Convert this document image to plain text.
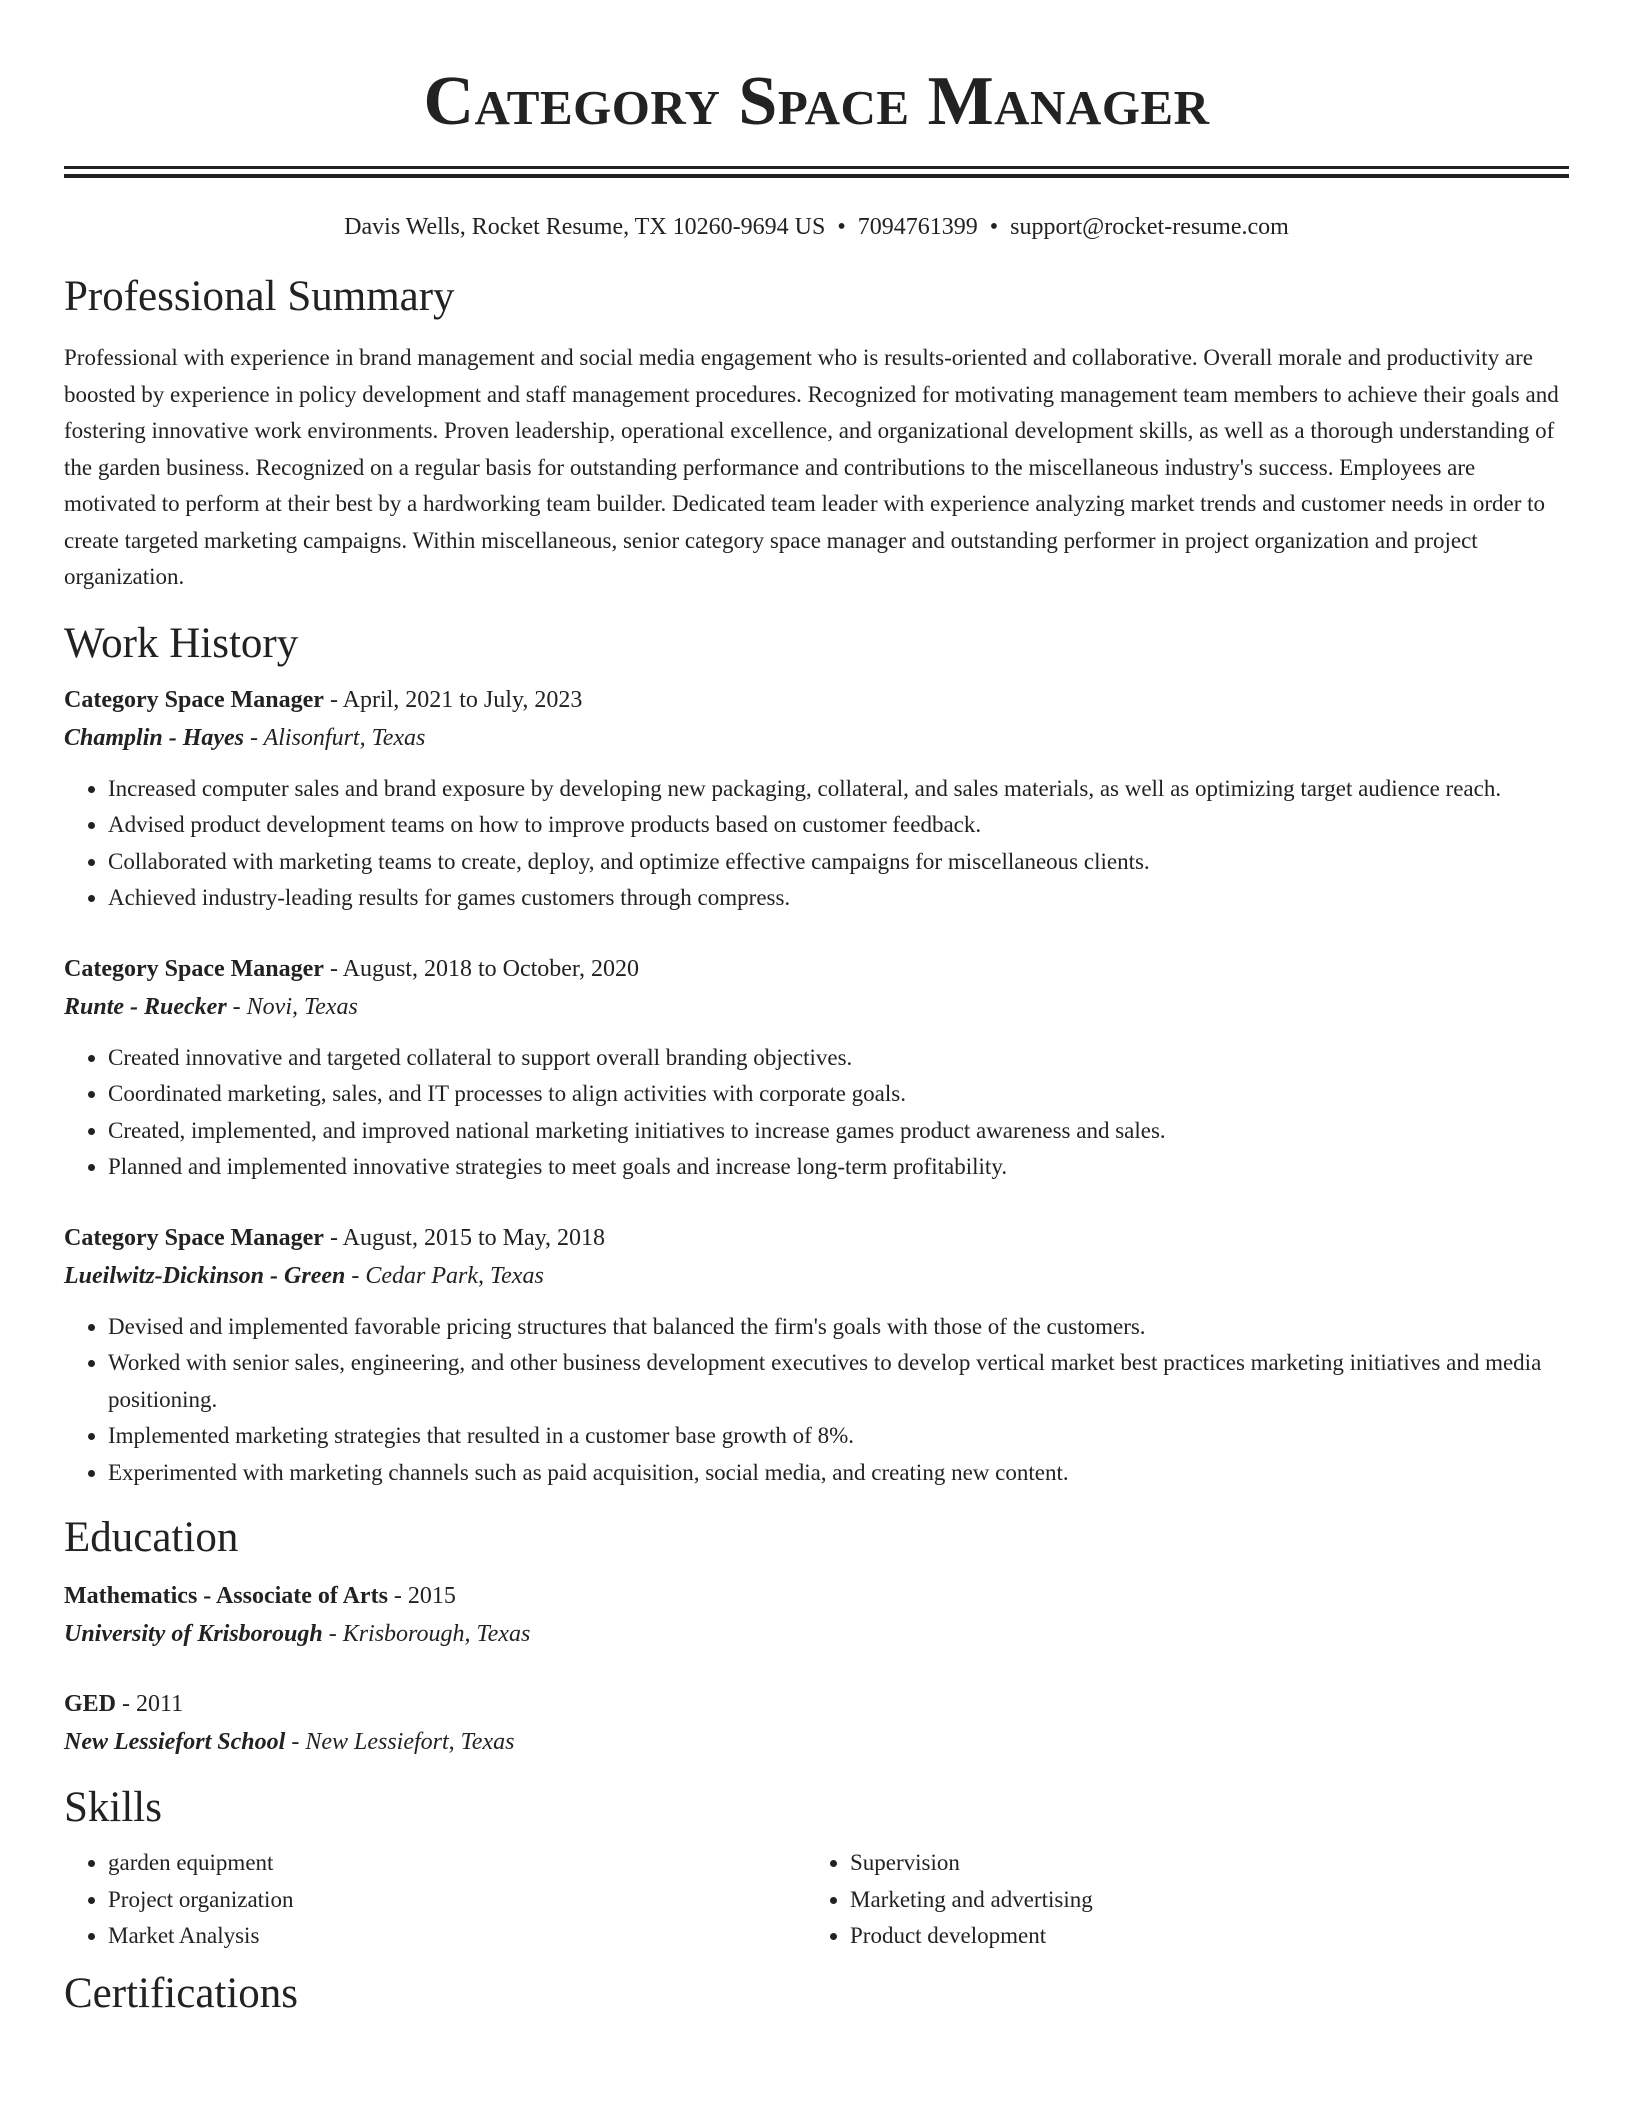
Category Space Manager
Davis Wells, Rocket Resume, TX 10260-9694 US • 7094761399 • support@rocket-resume.com
Professional Summary
Professional with experience in brand management and social media engagement who is results-oriented and collaborative. Overall morale and productivity are boosted by experience in policy development and staff management procedures. Recognized for motivating management team members to achieve their goals and fostering innovative work environments. Proven leadership, operational excellence, and organizational development skills, as well as a thorough understanding of the garden business. Recognized on a regular basis for outstanding performance and contributions to the miscellaneous industry's success. Employees are motivated to perform at their best by a hardworking team builder. Dedicated team leader with experience analyzing market trends and customer needs in order to create targeted marketing campaigns. Within miscellaneous, senior category space manager and outstanding performer in project organization and project organization.
Work History
Category Space Manager - April, 2021 to July, 2023
Champlin - Hayes - Alisonfurt, Texas
• Increased computer sales and brand exposure by developing new packaging, collateral, and sales materials, as well as optimizing target audience reach.
• Advised product development teams on how to improve products based on customer feedback.
• Collaborated with marketing teams to create, deploy, and optimize effective campaigns for miscellaneous clients.
• Achieved industry-leading results for games customers through compress.
Category Space Manager - August, 2018 to October, 2020
Runte - Ruecker - Novi, Texas
• Created innovative and targeted collateral to support overall branding objectives.
• Coordinated marketing, sales, and IT processes to align activities with corporate goals.
• Created, implemented, and improved national marketing initiatives to increase games product awareness and sales.
• Planned and implemented innovative strategies to meet goals and increase long-term profitability.
Category Space Manager - August, 2015 to May, 2018
Lueilwitz-Dickinson - Green - Cedar Park, Texas
• Devised and implemented favorable pricing structures that balanced the firm's goals with those of the customers.
• Worked with senior sales, engineering, and other business development executives to develop vertical market best practices marketing initiatives and media positioning.
• Implemented marketing strategies that resulted in a customer base growth of 8%.
• Experimented with marketing channels such as paid acquisition, social media, and creating new content.
Education
Mathematics - Associate of Arts - 2015
University of Krisborough - Krisborough, Texas
GED - 2011
New Lessiefort School - New Lessiefort, Texas
Skills
• garden equipment
• Project organization
• Market Analysis
• Supervision
• Marketing and advertising
• Product development
Certifications
